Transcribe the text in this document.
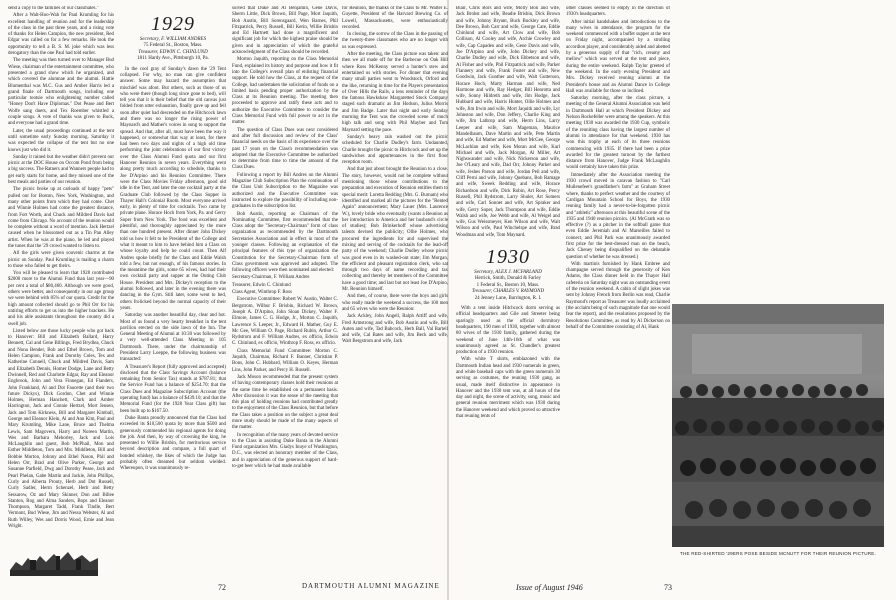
send a copy to the families of our classmates."

After a Walt-Hoo-Wah for Paul Krumling for his excellent handling of reunion and for the leadership of the class in the past three years, and a rising vote of thanks for Helen Campion, the new president, Red Edgar was called on for a few remarks. He took the opportunity to tell a B. S. M. joke which was less derogatory than the one Paul had told earlier.

The meeting was then turned over to Manager Bud Wiese, chairman of the entertainment committee, who presented a grand show which he organized, and which covered the alumnae and the alumni. Hattie Blumenthal was M.C. Gus and Amber Harris led a grand finale of Dartmouth songs, including one particular tootsie who enlightening number called "Honey Don't Have Diplomas." Dot Pease and Bert Wolfe sang duets, and Tex Roember whistled a couple songs. A vote of thanks was given to Buck, and everyone had a grand time.

Later, the usual proceedings continued at the tent until sometime early Sunday morning. Saturday it was expected the collapse of the tent but no one knows just who did it.

Sunday it rained but the weather didn't prevent our picnic at the DOC House on Occom Pond from being a big success. The Ratners and Wanners people had to get early starts for home, and they missed one of the best meals and parties of our reunion.

The picnic broke up at carloads of happy "pets" pulled out for Boston, New York, Washington, and many other points from which they had come. Chet and Winnie Holmes had come the greatest distance, from Fort Worth, and Chuck and Mildred Davis had come from Chicago. No account of the reunion would be complete without a word of mention. Jack Hertzel caused when he blossomed out as a Tin Pan Alley artist. When he was at the piano, he led and played the tunes that the '29 crowd wanted to listen to.

All the girls were given souvenir charms at the picnic on Sunday. Paul Krumling is mailing a charm to those who failed to get theirs.

You will be pleased to learn that 1928 contributed $2000 more to the Alumni Fund than last year—90 per cent a total of $80,460. Although we were good, others were better, and consequently in our age group we were behind with 85% of our quota. Credit for the high amount collected should go to Phil Orr for his untiring efforts to get us into the higher brackets. He and his able assistants throughout the country did a swell job.

Listed below are those lucky people who got back to Hanover: Bill and Elizabeth Ballard, Harry Bennett, Cal and Gene Billings, Fred Brydlea, Chuck and Nona Bender, Bob and Ethel Brown, Tom and Helen Campion, Frank and Dorothy Coles, Tex and Katherine Connell, Chuck and Mildred Davis, Sam and Elizabeth Dennis, Homer Dodge, Lane and Betty Dwinnell, Red and Charlotte Edgar, Ray and Eleanor Engbrook, John and Vera Finnegan, Ed Flanders, John Frankland, Al and Dot Faucette (and their two future Dickys), Dick Gordon, Chet and Winnie Holmes, Herman Hanchett, Clark and Amber Harrington, Jack and Connie Hertzel, Mort Jensen, Jack and Tom Kirkness, Bill and Margaret Kimball, George and Eleanor Klein, Al and Ann Kim, Paul and Mary Krumling, Mike Lane, Bruce and Thelma Lewis, Sam Magovern, Harry and Noreen Martin, Wes and Barbara Mehorley, Jack and Lois McLaughlin and guest, Bob McPhail, Mon and Esther Middleton, Tom and Mrs. Middleton, Bill and Bobbie Morton, Johnny and Ethel Nason, Phil and Helen Orr, Brad and Olive Parker, George and Susanne Parfield, Dwg and Dorothy Pease, Jack and Pearl Phelan, Gabe Martin and Jackie, John Phillips, Curly and Alberta Prouty, Herb and Dot Russell, Curly Sadler, Herm Schenzel, Herb and Betty Sessarow, Oz and Mary Skinner, Don and Billee Stanton, Rog and Alma Sanders, Bops and Eleanor Thompson, Margaret Tadd, Frank Tindle, Bert Vermont, Bud Wiese, Jim and Nessa Webster, Al and Ruth Willey, Wes and Dorris Wood, Ernie and Jean Wright.

1929
Secretary, F. WILLIAM ANDRES
75 Federal St., Boston, Mass.
Treasurer, EDWIN C. CHINLUND
1811 Hardy Ave., Pittsburgh 10, Pa.

In the cool gray of Sunday's dawn the '29 Tent collapsed. For why, no man can give confident answer. Some may hazard the assumption that mischief was afoot. But others, such as those of us who were there (though long since gone to bed), will tell you that it is their belief that the old canvas just folded from utter exhaustion, finally gave up and fell soon after quiet had descended on the Hitchcock lawn and there was no longer the rising power of Maynard's and Mather's voices in song to support the spread. And that, after all, must have been the way it happened, or somewhat that way at least, for there had been two days and nights of a high old time performing the joint celebrations of our first victory over the Class Alumni Fund quota and our first Hanover Reunion in seven years. Everything went along pretty much according to schedule, thanks to Joe D'Arpino and his Reunion Committee. There were the Class Movies Friday afternoon, good old idle in the Tent, and later the one cocktail party at the Graduate Club followed by the Class Supper in Thayer Hall's Colonial Room. Most everyone arrived early, in plenty of time for cocktails. Two came by private plane. Horace Hoch from York, Pa. and Gerry Soper from New York. The food was excellent and plentiful, and thoroughly appreciated by the more than one hundred present. After dinner John Dickey told us how it felt to be President of the College and what it meant to him to have behind him a Class on whose loyalty and help he could count. Then Alf Andres spoke briefly for the Class and Eddie Walsh told a few, but not enough, of his famous stories. In the meantime the girls, some 65 wives, had had their own cocktail party and supper at the Outing Club House. President and Mrs. Dickey's reception to the alumni followed, and later in the evening there was dancing in the Gym. Still later, some went to bed, others frolicked beyond the normal capacity of their years.

Saturday was another beautiful day, clear and hot. Most of us found a very hearty breakfast in the tent pavilion erected on the side lawn of the Inn. The General Meeting of Alumni at 10:30 was followed by a very well-attended Class Meeting in 105 Dartmouth. There, under the chairmanship of President Larry Loeppe, the following business was transacted:

A Treasurer's Report (fully approved and accepted) disclosed that the Class Savings Account (balance remaining from Senior Tax) stands at $787.81; that the Service Fund has a balance of $254.70; that the Class Dues and Magazine Subscription Account (the operating fund) has a balance of $439.10; and that the Memorial Fund (for the 1928 Year Class gift) has been built up to $167.50.

Duke Banta proudly announced that the Class had exceeded its $10,500 quota by more than $500 and generously commended his regional agents for doing the job. And then, by way of crowning the king, he presented to Willie Brisbin, for meritorious service beyond description and compare, a full quart of bonded whiskey, the likes of which the Judge has probably often dreamed but seldom wielded. Whereupon, it was unanimously re-

solved that Duke and Al Benjamin, Gene Davis, Sherm Little, Dick Brown, Bill Page, Mort Jaquith, Bob Austin, Bill Sorensgaard, Wen Barnes, Phil Fitzpatrick, Percy Russell, Bill Kerin, Willie Brisbin and Ed Hartnett had done a magnificent and significant job for which the highest praise should be given and in appreciation of which the grateful acknowledgment of the Class should be recorded.

Morton Jaquith, reporting on the Class Memorial Fund, explained its history and purpose and how it fit into the College's overall plan of enlisting financial support. He told how the Class, at the request of the College, had undertaken the solicitation of funds on a limited basis pending proper authorization by the Class at its Reunion meeting. The meeting then proceeded to approve and ratify these acts and to authorize the Executive Committee to consider the Class Memorial Fund with full power to act in the matter.

The question of Class Dues was next considered and after full discussion and review of the Class' financial needs on the basis of its experience over the past 17 years on the Class's recommendation was adopted that the Executive Committee be authorized to determine from time to time the amount of the Class Dues.

Following a report by Bill Andres on the Alumni Magazine Club Subscription Plan the continuation of the Class Unit Subscription to the Magazine was authorized and the Executive Committee was instructed to explore the possibility of including non-graduates in the subscription list.

Bob Austin, reporting as Chairman of the Nominating Committee, first recommended that the Class adopt the "Secretary-Chairman" form of class organization as recommended by the Dartmouth Secretaries Association and in effect in most of the younger classes. Following an explanation of the principal features of this type of organization the Constitution for the Secretary-Chairman form of Class government was approved and adopted. The following officers were then nominated and elected:

Secretary-Chairman, F. William Andres

Treasurer, Edwin C. Chinlund

Class Agent, Winthrop F. Ross

Executive Committee: Robert W. Austin, Walter C. Bergstrom, Wilbur F. Brisbin, Richard W. Brown, Joseph A. D'Arpino, John Sloan Dickey, Walter F. Elmore, James C. G. Hodge, Jr., Morton C. Jaquith, Lawrence S. Leeper, Jr., Edward H. Mather, Guy E. Mc Gee, William O. Page, Richard Rubin, Arthur G. Rydstrom and F. William Andres, ex officio, Edwin C. Chinlund, ex officio, Winthrop F. Ross, ex officio.

Class Memorial Fund Committee: Morton C. Jaquith, Chairman, Richard F. Banner, Christian P. Bons, John C. Hubbard, William O. Keyes, Herman Lins, John Parker, and Percy H. Russell.

Jack Moson recommended that the present system of having contemporary classes hold their reunions at the same time be established on a permanent basis. After discussion it was the sense of the meeting that this plan of holding reunions had contributed greatly to the enjoyment of the Class Reunion, but that before the Class takes a position on the subject a great deal more study should be made of the many aspects of the matter.

In recognition of the many years of devoted service to the Class in assisting Duke Banta in the Alumni Fund organization Mrs. Gladys Inuye of Washington, D.C., was elected an honorary member of the Class, and in appreciation of the generous support of hard-to-get beer which he had made available

for Reunion, the thanks of the Class to Mr. Walter E. Guyette, President of the Harvard Brewing Co. of Lowell, Massachusetts, were enthusiastically recorded.

In closing, the sorrow of the Class in the passing of the twenty-three classmates who are no longer with us was expressed.

After the meeting, the Class picture was taken: and then we all made off for the Barbecue on Oak Hill where Ross McKenny served a hunter's stew and entertained us with stories. For dinner that evening many small parties went to Woodstock, Orford and the like, returning in time for the Players presentation of Over Hills the Rails, a lens reminder of the days the famous Hawkshaw Margaretted Stock Company staged such dramatic as Jim Hodson, Julius Morris and Jim Badge. Later that night and early Sunday morning the Tent was the crowded scene of much high talk and song with Phil Mayber and Tom Maynard setting the pace.

Sunday's heavy rain washed out the picnic scheduled for Charlie Dudley's farm. Undaunted, Charlie brought the picnic to Hitchcock and set up the sandwiches and appurtenances in the first floor reception room.

And that just about brought the Reunion to a close. The story, however, would not be complete without mentioning those whose contributions to the preparation and execution of Reunion entitles them to special merit: Loretta Redding (Mrs. G. Burnam) who identified and marked all the pictures for the "Rented Again" announcement; Mary Lauer (Mrs. Laurence W.), lovely bride who eventually (wants a Reunion as her introduction to America and her husband's circle of studies); Bob Brinkerhoff whose advertising talents devised the publicity; Ollie Holmes, who procured the ingredients for and supervised the mixing and serving of the cocktails for the lead-off party of the weekend; Charlie Dudley whose picnic was good even in its washed-out state; Jim Morgan, the efficient and pleasant registration clerk, who sat through two days of name recording and tax collecting and thereby let members of the Committee have a good time; and last but not least Joe D'Arpino, Mr. Reunion himself.

And then, of course, there were the boys and girls who really made the weekend a success, the 100 men and 65 wives who were the Reunion:

Jack Ackley, John Angell, Ralph Artiff and wife, Fred Armstrong and wife, Bob Austin and wife, Bill Auten and wife, Tad Babcock, Herb Ball, Val Bartell and wife, Cal Bates and wife, Jim Beck and wife, Walt Bergstrom and wife, Jack

72	DARTMOUTH ALUMNI MAGAZINE

Blair, Chris Bors and wife, Molly Bon and wife, Jack Brobst and wife, Beadie Brisbin, Dick Brown and wife, Johnny Bryant, Buck Buckley and wife, Dee Brown, Bob Carr and wife, George Cate, Eddie Chinlund and wife, Art Clow and wife, Bob Collison, Al Cooley and wife, Archie Crowley and wife, Cap Capadeo and wife, Gene Davis and wife, Joe D'Arpino and wife, John Dickey and wife, Charlie Dudley and wife, Dick Ebbetson and wife, Al Fisher and wife, Phil Fitzpatrick and wife, Parker Flannery and wife, Frank Foster and wife, New Goodwin, Jack Gunther and wife, Walt Gutterson, Horace Hoch, Marty Harman and wife, Ned Harmone and wife, Ray Hedger, Bill Henrotta and wife, Sonny Hildreth and wife, Jim Hodge, Jack Hubbard and wife, Harris Hunter, Ollie Holmes and wife, Jim Irwin and wife, Mort Jaquith and wife, Lyr Johnston and wife, Don Jeffery, Charlie King and wife, Jim Lathrop and wife, Herm Lins, Larry Leeper and wife, Sam Mageman, Maurice Mandelbaum, Dave Martin and wife, Pete Martin and wife, Ed Mather and wife, Mort McGee, George McLachlan and wife, Ken Moran and wife, Karl Michael and wife, Jack Morgan, Al Miller, Art Nighswander and wife, Nick Nickerson and wife, Joe O'Leary and wife, Dad Orr, Johnny Parker and wife, Jeshes Parson and wife, Jordan Peil and wife, Cliff Perni and wife, Johnny Quebans, Bob Ramage and wife, Sweek Redding and wife, Horace Richardson and wife, Dick Robin, Art Rose, Percy Russell, Phil Rydstrom, Larry Shuler, Art Somers and wife, Carl Sonnet and wife, Art Spraker and wife, Gerry Soper, Jack Thompson and wife, Eddie Walsh and wife, Joe Webb and wife, Al Weigel and wife, Gus Weissmeyer, Ken Wilson and wife, Walt Wilson and wife, Paul Winchelspe and wife, Brad Woodman and wife, Tom Maynard.

1930
Secretary, ALEX J. MCFARLAND
Herrick, Smith, Donald & Farley
1 Federal St., Boston 10, Mass.
Treasurer, CHARLES V. RAYMOND
24 Jenney Lane, Barrington, R. I.

With a tent inside Hitchcock dorm serving as official headquarters and Gile and Streeter being sparingly used as the official dormitory headquarters, 190 men of 1930, together with almost 80 wives of the 1930 family, gathered during the weekend of June 14th-16th of what was unanimously agreed as St. Chandler's greatest production of a 1930 reunion.

With white T shirts, emblazoned with the Dartmouth Indian head and 1930 numerals in green, and white baseball caps with the green numerals 30 serving as costumes, the reuning 1930 gang, as usual, made itself distinctive in appearance in Hanover and the 1930 tent was, at all hours of the day and night, the scene of activity, song, music and general reunion merriment which was 1930 during the Hanover weekend and which proved so attractive that reuning tents of

other classes seemed to empty in the direction of 1930's headquarters.

After initial handshakes and introductions to the many wives in attendance, the program for the weekend commenced with a buffet supper at the tent on Friday night, accompanied by a strolling accordion player, and considerably aided and abetted by a generous supply of that "rich, creamy and mellow" which was served at the tent and piece, during the entire weekend. Ralph Taylor greeted of the weekend. In the early evening President and Mrs. Dickey received reuning alumni at the President's house and an Alumni Dance in College Hall was available for those so inclined.

Saturday morning, after the class picture, a meeting of the General Alumni Association was held in Dartmouth Hall at which President Dickey and Nelson Rockefeller were among the speakers. At this meeting 1930 was awarded the 1930 Cup, symbolic of the reuniting class having the largest number of alumni in attendance for that weekend. 1930 has won this trophy at each of its three reunions commencing with 1935. If there had been a prize awarded for the greatest turnout by the farthest distance from Hanover, Judge Frank McLaughlin would certainly have taken this prize.

Immediately after the Association meeting the 1930 crowd moved in caravan fashion to "Carl Mullenefeet's grandfather's farm" at Graham Street where, thanks to perfect weather and the courtesy of Cardigan Mountain School for Boys, the 1930 reuning family had a never-to-be-forgotten picnic and "athletic" afternoon at this beautiful scene of the 1935 and 1940 reunion picnics. (Al McGrath was so effective (?) as a pitcher in the softball game that even Eddie Jeremiah and Al Marseilles failed to connect, and Phil Park was unanimously awarded first prize for the best-dressed man on the beach, Jack Cheney being disqualified on the debatable question of whether he was dressed.)

With martinis furnished by Hank Embree and champagne served through the generosity of Ken Adams, the Class dinner held in the Thayer Hall cafeteria on Saturday night was an outstanding event of the reunion weekend. A cabin of slight jokes was sent by Johnny French from Berlin was read, Charlie Raymond's report as Treasurer was loudly acclaimed (the acclaim being of such magnitude that one would fear the report), and the resolutions proposed by the Resolutions Committee, as read by Al Dickerson on behalf of the Committee consisting of Al, Hank

THE RED-SHIRTED '29ERS POSE BESIDE MCNUTT FOR THEIR REUNION PICTURE.
Issue of August 1946	73
